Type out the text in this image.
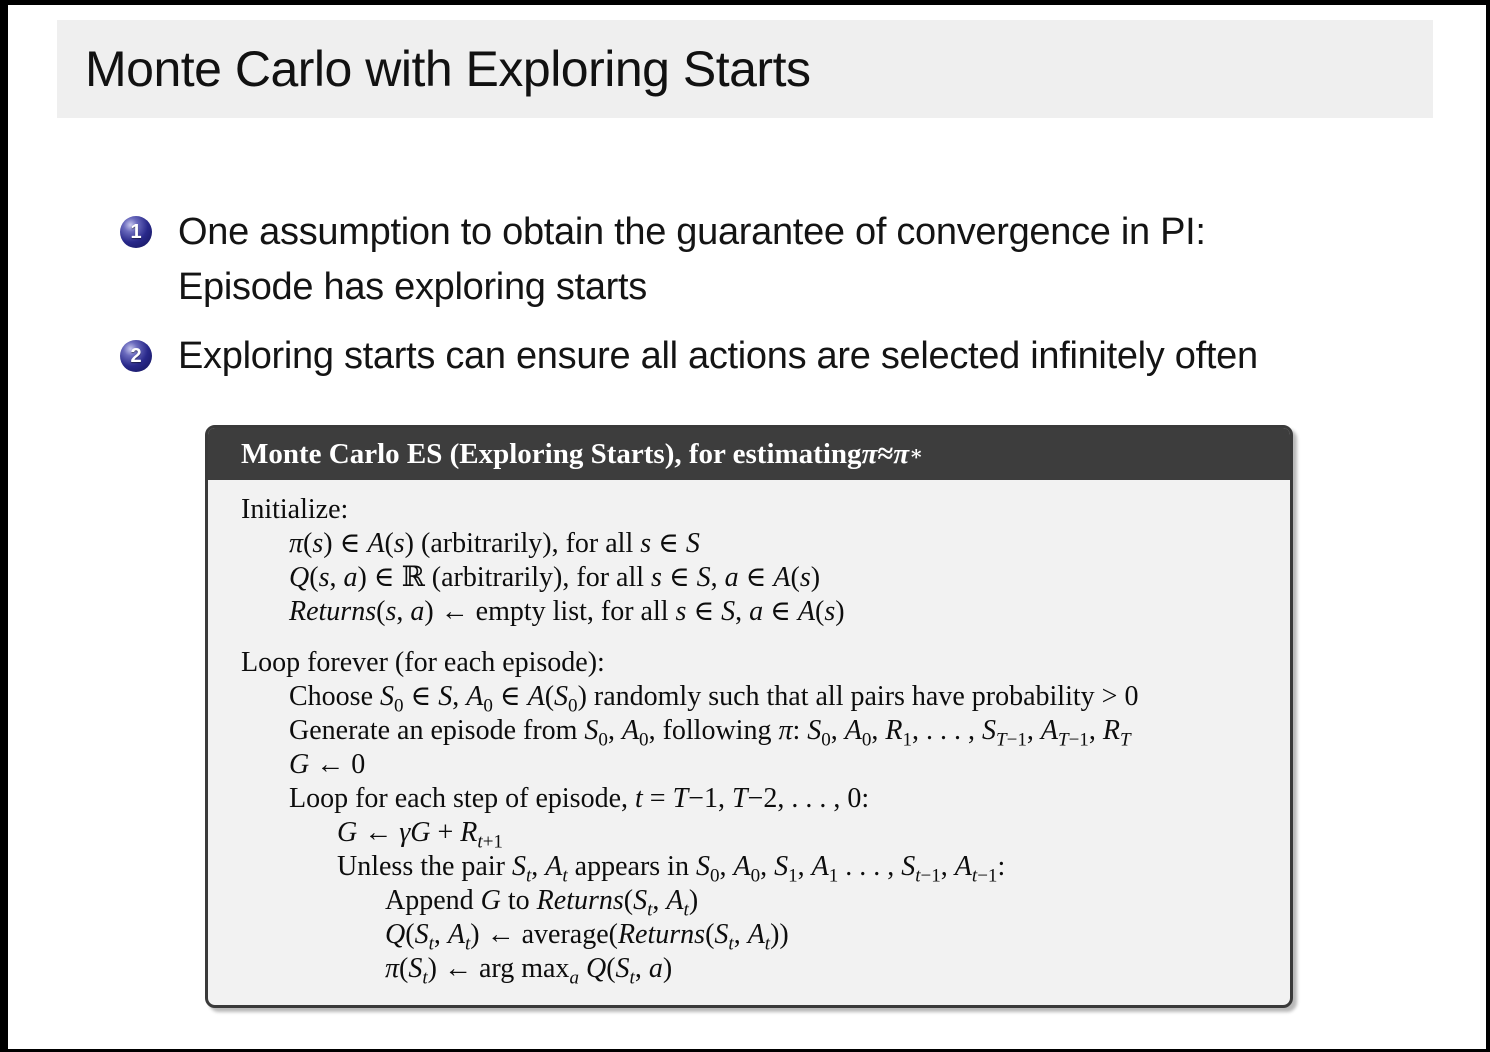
Monte Carlo with Exploring Starts
1 One assumption to obtain the guarantee of convergence in PI:
Episode has exploring starts
2 Exploring starts can ensure all actions are selected infinitely often
Monte Carlo ES (Exploring Starts), for estimating π ≈ π ∗
Initialize:
π(s) ∈ A(s) (arbitrarily), for all s ∈ S
Q(s, a) ∈ ℝ (arbitrarily), for all s ∈ S, a ∈ A(s)
Returns(s, a) ← empty list, for all s ∈ S, a ∈ A(s)
Loop forever (for each episode):
Choose $S_0$ ∈ S, $A_0$ ∈ $A(S_0)$ randomly such that all pairs have probability > 0
Generate an episode from $S_0$, $A_0$, following π: $S_0$, $A_0$, $R_1$, . . . , $S_{T-1}$, $A_{T-1}$, $R_T$
G ← 0
Loop for each step of episode, t = T−1, T−2, . . . , 0:
G ← $\gamma G + R_{t+1}$
Unless the pair $S_t$, $A_t$ appears in $S_0$, $A_0$, $S_1$, $A_1$ . . . , $S_{t-1}$, $A_{t-1}$:
Append G to $Returns(S_t$, $A_t$)
$Q(S_t$, $A_t$) ← $average(Returns(S_t$, $A_t$))
$\pi(S_t)$ ← arg $\max_a Q(S_t$, a)
